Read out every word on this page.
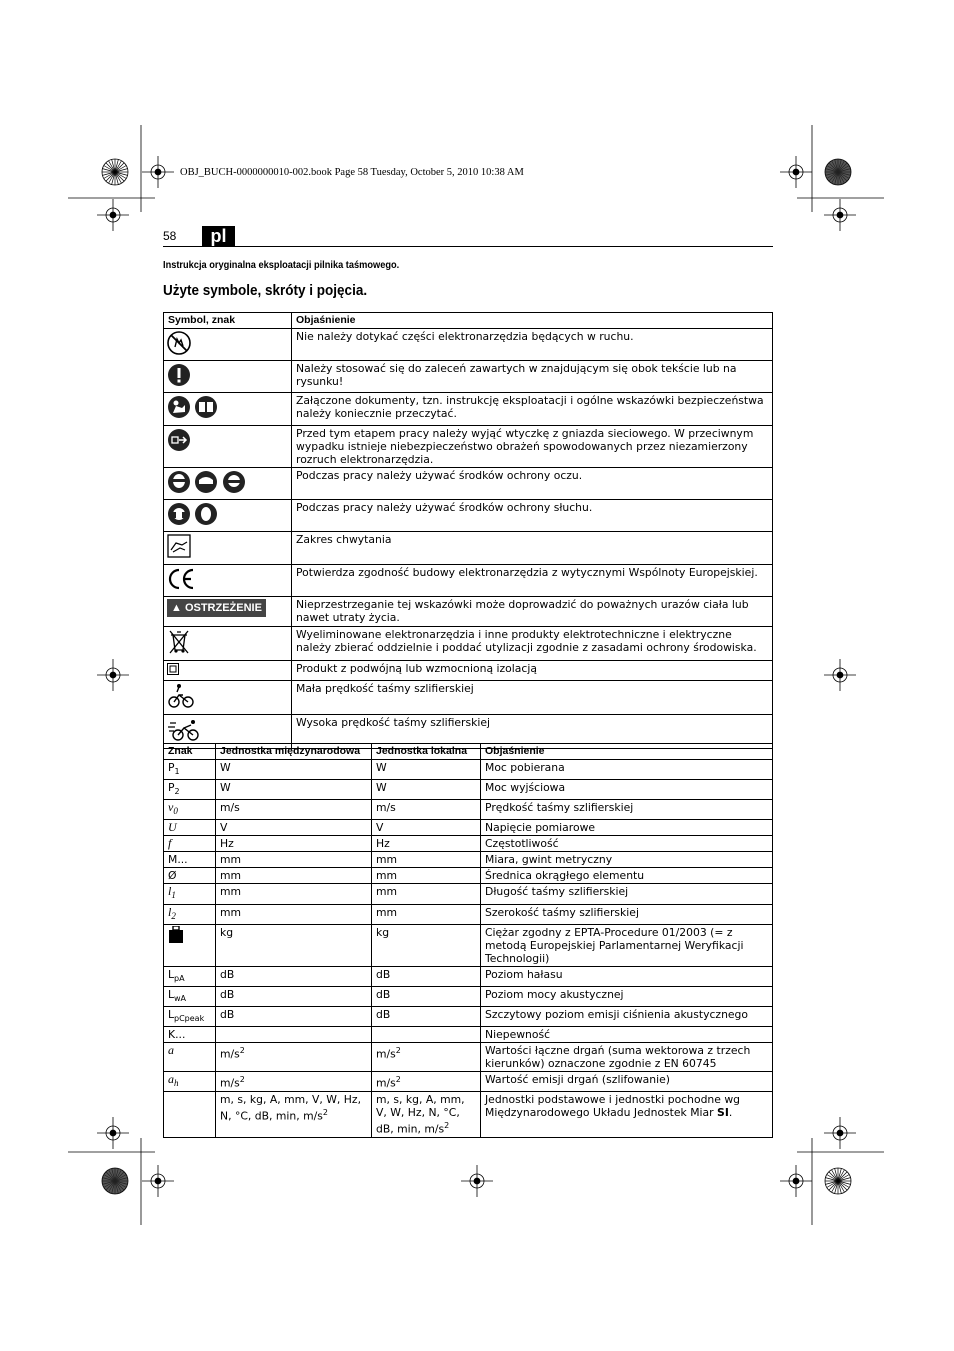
OBJ_BUCH-0000000010-002.book Page 58 Tuesday, October 5, 2010 10:38 AM
58	pl
Instrukcja oryginalna eksploatacji pilnika taśmowego.
Użyte symbole, skróty i pojęcia.
Symbol, znak	Objaśnienie
	Nie należy dotykać części elektronarzędzia będących w ruchu.
	Należy stosować się do zaleceń zawartych w znajdującym się obok tekście lub na rysunku!
	Załączone dokumenty, tzn. instrukcję eksploatacji i ogólne wskazówki bezpieczeństwa należy koniecznie przeczytać.
	Przed tym etapem pracy należy wyjąć wtyczkę z gniazda sieciowego. W przeciwnym wypadku istnieje niebezpieczeństwo obrażeń spowodowanych przez niezamierzony rozruch elektronarzędzia.
	Podczas pracy należy używać środków ochrony oczu.
	Podczas pracy należy używać środków ochrony słuchu.
	Zakres chwytania
	Potwierdza zgodność budowy elektronarzędzia z wytycznymi Wspólnoty Europejskiej.
▲ OSTRZEŻENIE	Nieprzestrzeganie tej wskazówki może doprowadzić do poważnych urazów ciała lub nawet utraty życia.
	Wyeliminowane elektronarzędzia i inne produkty elektrotechniczne i elektryczne należy zbierać oddzielnie i poddać utylizacji zgodnie z zasadami ochrony środowiska.
	Produkt z podwójną lub wzmocnioną izolacją
	Mała prędkość taśmy szlifierskiej
	Wysoka prędkość taśmy szlifierskiej
Znak	Jednostka międzynarodowa	Jednostka lokalna	Objaśnienie
$P_1$	W	W	Moc pobierana
$P_2$	W	W	Moc wyjściowa
$v_0$	m/s	m/s	Prędkość taśmy szlifierskiej
U	V	V	Napięcie pomiarowe
f	Hz	Hz	Częstotliwość
M...	mm	mm	Miara, gwint metryczny
Ø	mm	mm	Średnica okrągłego elementu
$l_1$	mm	mm	Długość taśmy szlifierskiej
$l_2$	mm	mm	Szerokość taśmy szlifierskiej
	kg	kg	Ciężar zgodny z EPTA-Procedure 01/2003 (= z metodą Europejskiej Parlamentarnej Weryfikacji Technologii)
$L_{pA}$	dB	dB	Poziom hałasu
$L_{wA}$	dB	dB	Poziom mocy akustycznej
$L_{pCpeak}$	dB	dB	Szczytowy poziom emisji ciśnienia akustycznego
K...			Niepewność
a	$m/s^2$	$m/s^2$	Wartości łączne drgań (suma wektorowa z trzech kierunków) oznaczone zgodnie z EN 60745
$a_h$	$m/s^2$	$m/s^2$	Wartość emisji drgań (szlifowanie)
	m, s, kg, A, mm, V, W, Hz, N, °C, dB, min, $m/s^2$	m, s, kg, A, mm, V, W, Hz, N, °C, dB, min, $m/s^2$	Jednostki podstawowe i jednostki pochodne wg Międzynarodowego Układu Jednostek Miar SI.
